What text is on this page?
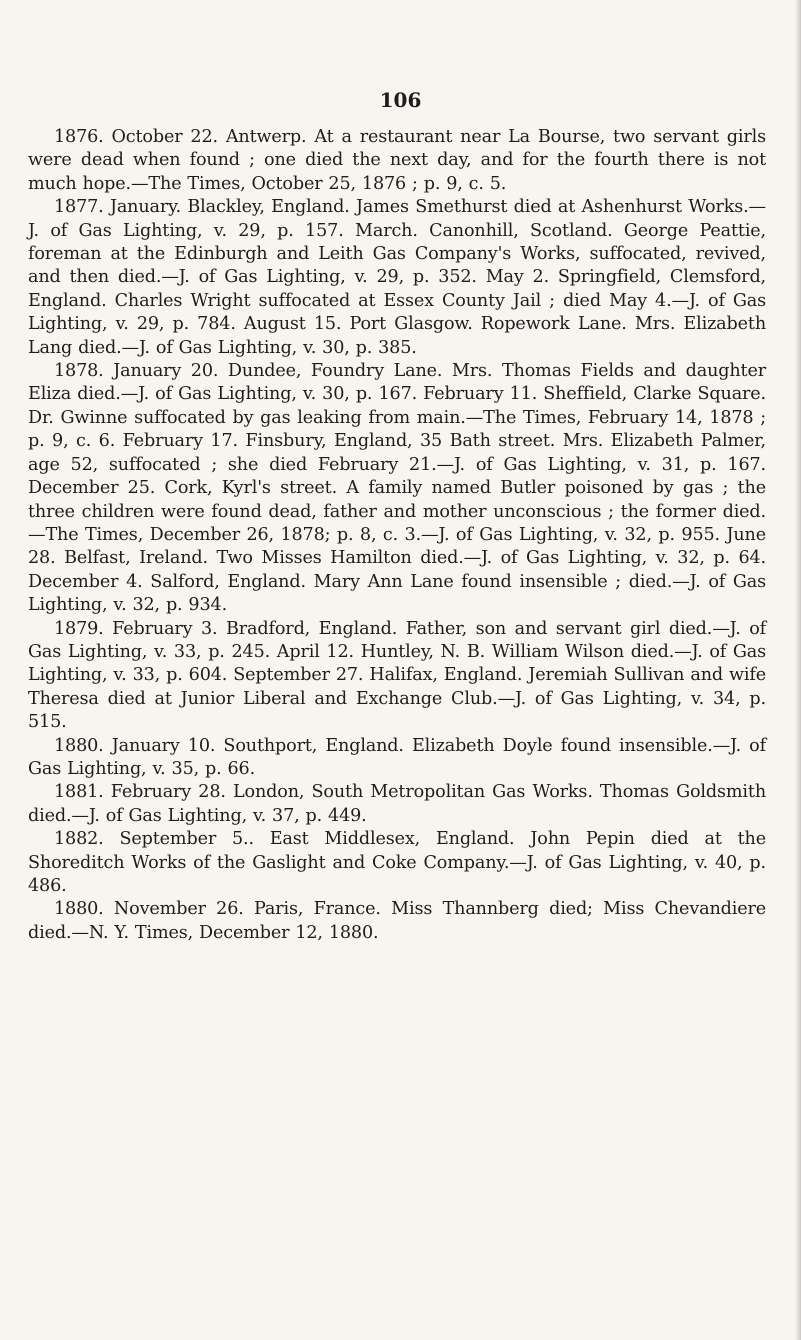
106

1876. October 22. Antwerp. At a restaurant near La Bourse, two servant girls were dead when found ; one died the next day, and for the fourth there is not much hope.—The Times, October 25, 1876 ; p. 9, c. 5.

1877. January. Blackley, England. James Smethurst died at Ashenhurst Works.—J. of Gas Lighting, v. 29, p. 157. March. Canonhill, Scotland. George Peattie, foreman at the Edinburgh and Leith Gas Company's Works, suffocated, revived, and then died.—J. of Gas Lighting, v. 29, p. 352. May 2. Springfield, Clemsford, England. Charles Wright suffocated at Essex County Jail ; died May 4.—J. of Gas Lighting, v. 29, p. 784. August 15. Port Glasgow. Ropework Lane. Mrs. Elizabeth Lang died.—J. of Gas Lighting, v. 30, p. 385.

1878. January 20. Dundee, Foundry Lane. Mrs. Thomas Fields and daughter Eliza died.—J. of Gas Lighting, v. 30, p. 167. February 11. Sheffield, Clarke Square. Dr. Gwinne suffocated by gas leaking from main.—The Times, February 14, 1878 ; p. 9, c. 6. February 17. Finsbury, England, 35 Bath street. Mrs. Elizabeth Palmer, age 52, suffocated ; she died February 21.—J. of Gas Lighting, v. 31, p. 167. December 25. Cork, Kyrl's street. A family named Butler poisoned by gas ; the three children were found dead, father and mother unconscious ; the former died.—The Times, December 26, 1878; p. 8, c. 3.—J. of Gas Lighting, v. 32, p. 955. June 28. Belfast, Ireland. Two Misses Hamilton died.—J. of Gas Lighting, v. 32, p. 64. December 4. Salford, England. Mary Ann Lane found insensible ; died.—J. of Gas Lighting, v. 32, p. 934.

1879. February 3. Bradford, England. Father, son and servant girl died.—J. of Gas Lighting, v. 33, p. 245. April 12. Huntley, N. B. William Wilson died.—J. of Gas Lighting, v. 33, p. 604. September 27. Halifax, England. Jeremiah Sullivan and wife Theresa died at Junior Liberal and Exchange Club.—J. of Gas Lighting, v. 34, p. 515.

1880. January 10. Southport, England. Elizabeth Doyle found insensible.—J. of Gas Lighting, v. 35, p. 66.

1881. February 28. London, South Metropolitan Gas Works. Thomas Goldsmith died.—J. of Gas Lighting, v. 37, p. 449.

1882. September 5.. East Middlesex, England. John Pepin died at the Shoreditch Works of the Gaslight and Coke Company.—J. of Gas Lighting, v. 40, p. 486.

1880. November 26. Paris, France. Miss Thannberg died; Miss Chevandiere died.—N. Y. Times, December 12, 1880.
